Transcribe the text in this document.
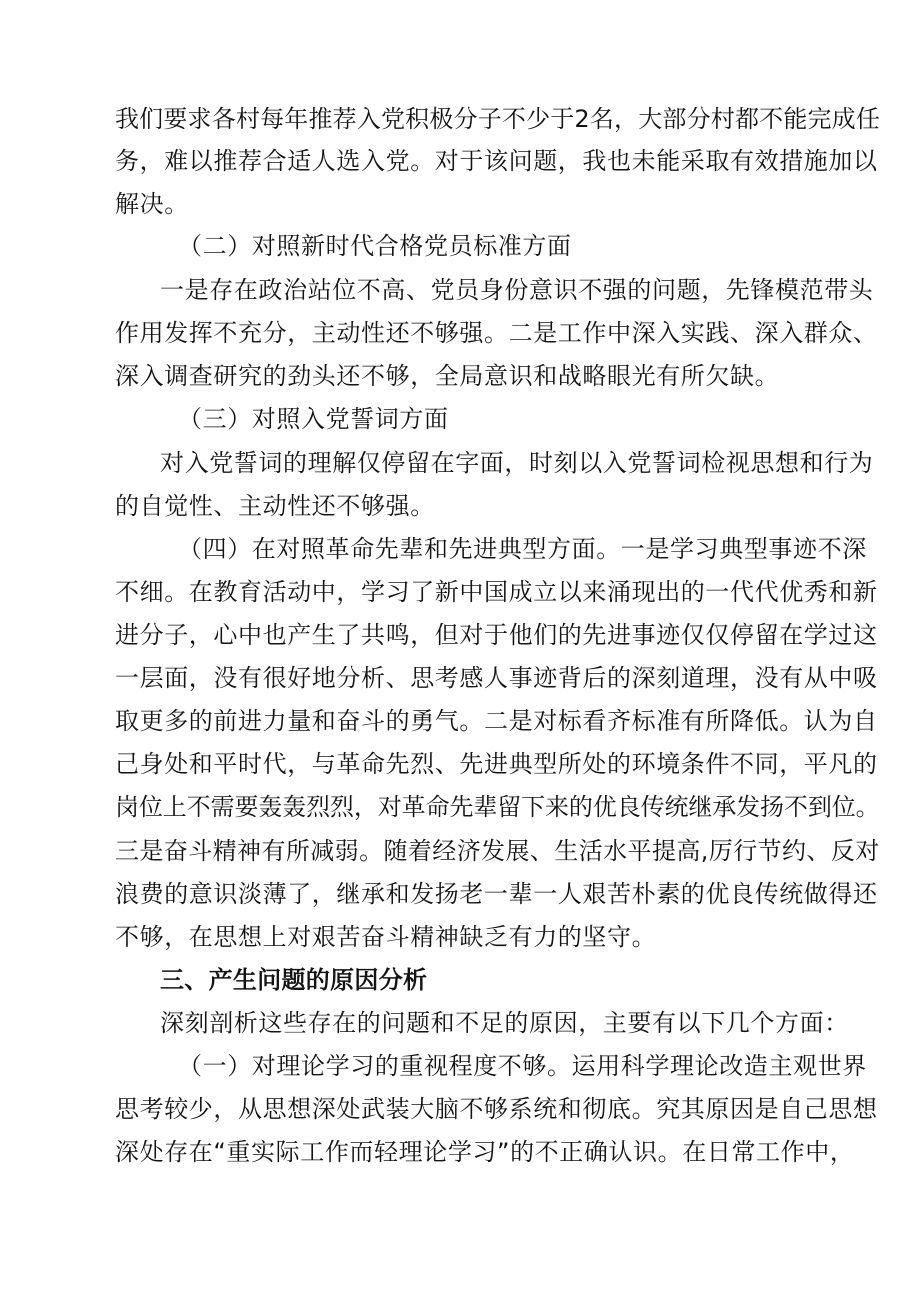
我们要求各村每年推荐入党积极分子不少于2名，大部分村都不能完成任
务，难以推荐合适人选入党。对于该问题，我也未能采取有效措施加以
解决。
（二）对照新时代合格党员标准方面
一是存在政治站位不高、党员身份意识不强的问题，先锋模范带头
作用发挥不充分，主动性还不够强。二是工作中深入实践、深入群众、
深入调查研究的劲头还不够，全局意识和战略眼光有所欠缺。
（三）对照入党誓词方面
对入党誓词的理解仅停留在字面，时刻以入党誓词检视思想和行为
的自觉性、主动性还不够强。
（四）在对照革命先辈和先进典型方面。一是学习典型事迹不深
不细。在教育活动中，学习了新中国成立以来涌现出的一代代优秀和新
进分子，心中也产生了共鸣，但对于他们的先进事迹仅仅停留在学过这
一层面，没有很好地分析、思考感人事迹背后的深刻道理，没有从中吸
取更多的前进力量和奋斗的勇气。二是对标看齐标准有所降低。认为自
己身处和平时代，与革命先烈、先进典型所处的环境条件不同，平凡的
岗位上不需要轰轰烈烈，对革命先辈留下来的优良传统继承发扬不到位。
三是奋斗精神有所减弱。随着经济发展、生活水平提高,厉行节约、反对
浪费的意识淡薄了，继承和发扬老一辈一人艰苦朴素的优良传统做得还
不够，在思想上对艰苦奋斗精神缺乏有力的坚守。
三、产生问题的原因分析
深刻剖析这些存在的问题和不足的原因，主要有以下几个方面：
（一）对理论学习的重视程度不够。运用科学理论改造主观世界
思考较少，从思想深处武装大脑不够系统和彻底。究其原因是自己思想
深处存在“重实际工作而轻理论学习”的不正确认识。在日常工作中，
